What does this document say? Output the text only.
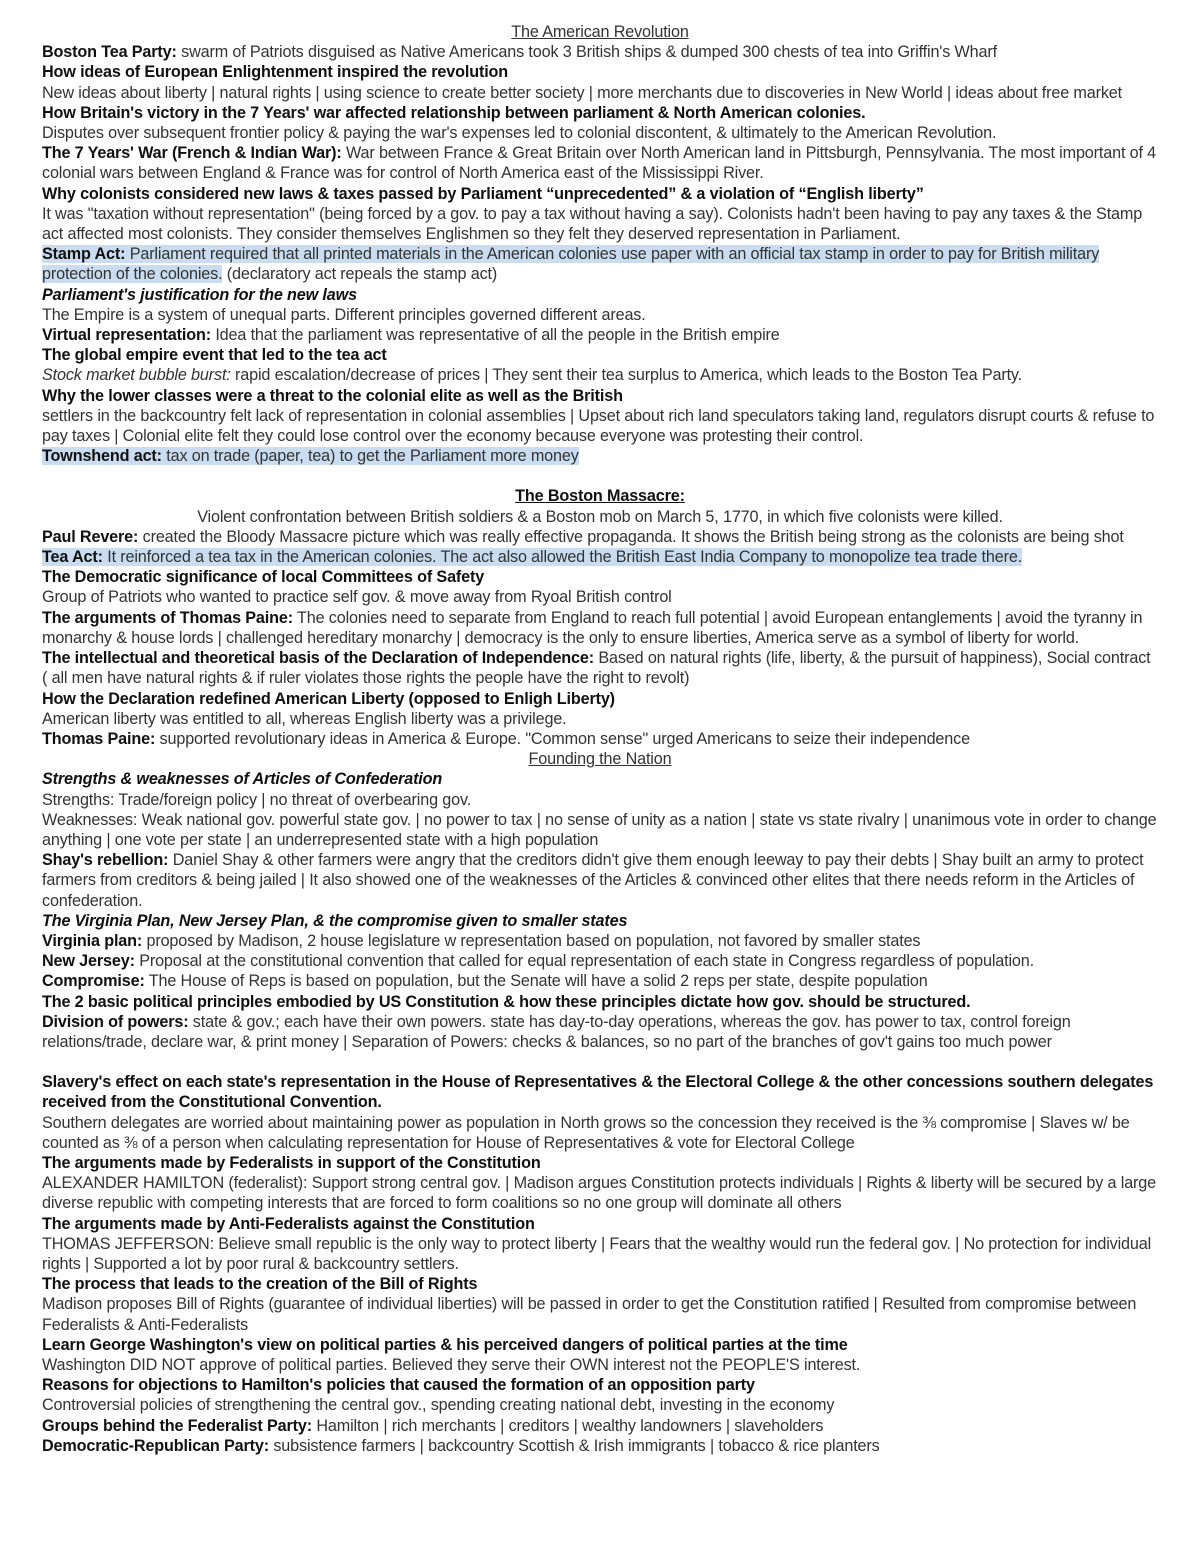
The American Revolution

Boston Tea Party: swarm of Patriots disguised as Native Americans took 3 British ships & dumped 300 chests of tea into Griffin's Wharf

How ideas of European Enlightenment inspired the revolution

New ideas about liberty | natural rights | using science to create better society | more merchants due to discoveries in New World | ideas about free market

How Britain's victory in the 7 Years' war affected relationship between parliament & North American colonies.

Disputes over subsequent frontier policy & paying the war's expenses led to colonial discontent, & ultimately to the American Revolution.

The 7 Years' War (French & Indian War): War between France & Great Britain over North American land in Pittsburgh, Pennsylvania. The most important of 4 colonial wars between England & France was for control of North America east of the Mississippi River.

Why colonists considered new laws & taxes passed by Parliament “unprecedented” & a violation of “English liberty”

It was "taxation without representation" (being forced by a gov. to pay a tax without having a say). Colonists hadn't been having to pay any taxes & the Stamp act affected most colonists. They consider themselves Englishmen so they felt they deserved representation in Parliament.

Stamp Act: Parliament required that all printed materials in the American colonies use paper with an official tax stamp in order to pay for British military protection of the colonies. (declaratory act repeals the stamp act)

Parliament's justification for the new laws

The Empire is a system of unequal parts. Different principles governed different areas.

Virtual representation: Idea that the parliament was representative of all the people in the British empire

The global empire event that led to the tea act

Stock market bubble burst: rapid escalation/decrease of prices | They sent their tea surplus to America, which leads to the Boston Tea Party.

Why the lower classes were a threat to the colonial elite as well as the British

settlers in the backcountry felt lack of representation in colonial assemblies | Upset about rich land speculators taking land, regulators disrupt courts & refuse to pay taxes | Colonial elite felt they could lose control over the economy because everyone was protesting their control.

Townshend act: tax on trade (paper, tea) to get the Parliament more money

The Boston Massacre:

Violent confrontation between British soldiers & a Boston mob on March 5, 1770, in which five colonists were killed.

Paul Revere: created the Bloody Massacre picture which was really effective propaganda. It shows the British being strong as the colonists are being shot

Tea Act: It reinforced a tea tax in the American colonies. The act also allowed the British East India Company to monopolize tea trade there.

The Democratic significance of local Committees of Safety

Group of Patriots who wanted to practice self gov. & move away from Ryoal British control

The arguments of Thomas Paine: The colonies need to separate from England to reach full potential | avoid European entanglements | avoid the tyranny in monarchy & house lords | challenged hereditary monarchy | democracy is the only to ensure liberties, America serve as a symbol of liberty for world.

The intellectual and theoretical basis of the Declaration of Independence: Based on natural rights (life, liberty, & the pursuit of happiness), Social contract ( all men have natural rights & if ruler violates those rights the people have the right to revolt)

How the Declaration redefined American Liberty (opposed to Enligh Liberty)

American liberty was entitled to all, whereas English liberty was a privilege.

Thomas Paine: supported revolutionary ideas in America & Europe. "Common sense" urged Americans to seize their independence

Founding the Nation

Strengths & weaknesses of Articles of Confederation

Strengths: Trade/foreign policy | no threat of overbearing gov.

Weaknesses: Weak national gov. powerful state gov. | no power to tax | no sense of unity as a nation | state vs state rivalry | unanimous vote in order to change anything | one vote per state | an underrepresented state with a high population

Shay's rebellion: Daniel Shay & other farmers were angry that the creditors didn't give them enough leeway to pay their debts | Shay built an army to protect farmers from creditors & being jailed | It also showed one of the weaknesses of the Articles & convinced other elites that there needs reform in the Articles of confederation.

The Virginia Plan, New Jersey Plan, & the compromise given to smaller states

Virginia plan: proposed by Madison, 2 house legislature w representation based on population, not favored by smaller states

New Jersey: Proposal at the constitutional convention that called for equal representation of each state in Congress regardless of population.

Compromise: The House of Reps is based on population, but the Senate will have a solid 2 reps per state, despite population

The 2 basic political principles embodied by US Constitution & how these principles dictate how gov. should be structured.

Division of powers: state & gov.; each have their own powers. state has day-to-day operations, whereas the gov. has power to tax, control foreign relations/trade, declare war, & print money | Separation of Powers: checks & balances, so no part of the branches of gov't gains too much power

Slavery's effect on each state's representation in the House of Representatives & the Electoral College & the other concessions southern delegates received from the Constitutional Convention.

Southern delegates are worried about maintaining power as population in North grows so the concession they received is the ⅜ compromise | Slaves w/ be counted as ⅜ of a person when calculating representation for House of Representatives & vote for Electoral College

The arguments made by Federalists in support of the Constitution

ALEXANDER HAMILTON (federalist): Support strong central gov. | Madison argues Constitution protects individuals | Rights & liberty will be secured by a large diverse republic with competing interests that are forced to form coalitions so no one group will dominate all others

The arguments made by Anti-Federalists against the Constitution

THOMAS JEFFERSON: Believe small republic is the only way to protect liberty | Fears that the wealthy would run the federal gov. | No protection for individual rights | Supported a lot by poor rural & backcountry settlers.

The process that leads to the creation of the Bill of Rights

Madison proposes Bill of Rights (guarantee of individual liberties) will be passed in order to get the Constitution ratified | Resulted from compromise between Federalists & Anti-Federalists

Learn George Washington's view on political parties & his perceived dangers of political parties at the time

Washington DID NOT approve of political parties. Believed they serve their OWN interest not the PEOPLE'S interest.

Reasons for objections to Hamilton's policies that caused the formation of an opposition party

Controversial policies of strengthening the central gov., spending creating national debt, investing in the economy

Groups behind the Federalist Party: Hamilton | rich merchants | creditors | wealthy landowners | slaveholders

Democratic-Republican Party: subsistence farmers | backcountry Scottish & Irish immigrants | tobacco & rice planters
